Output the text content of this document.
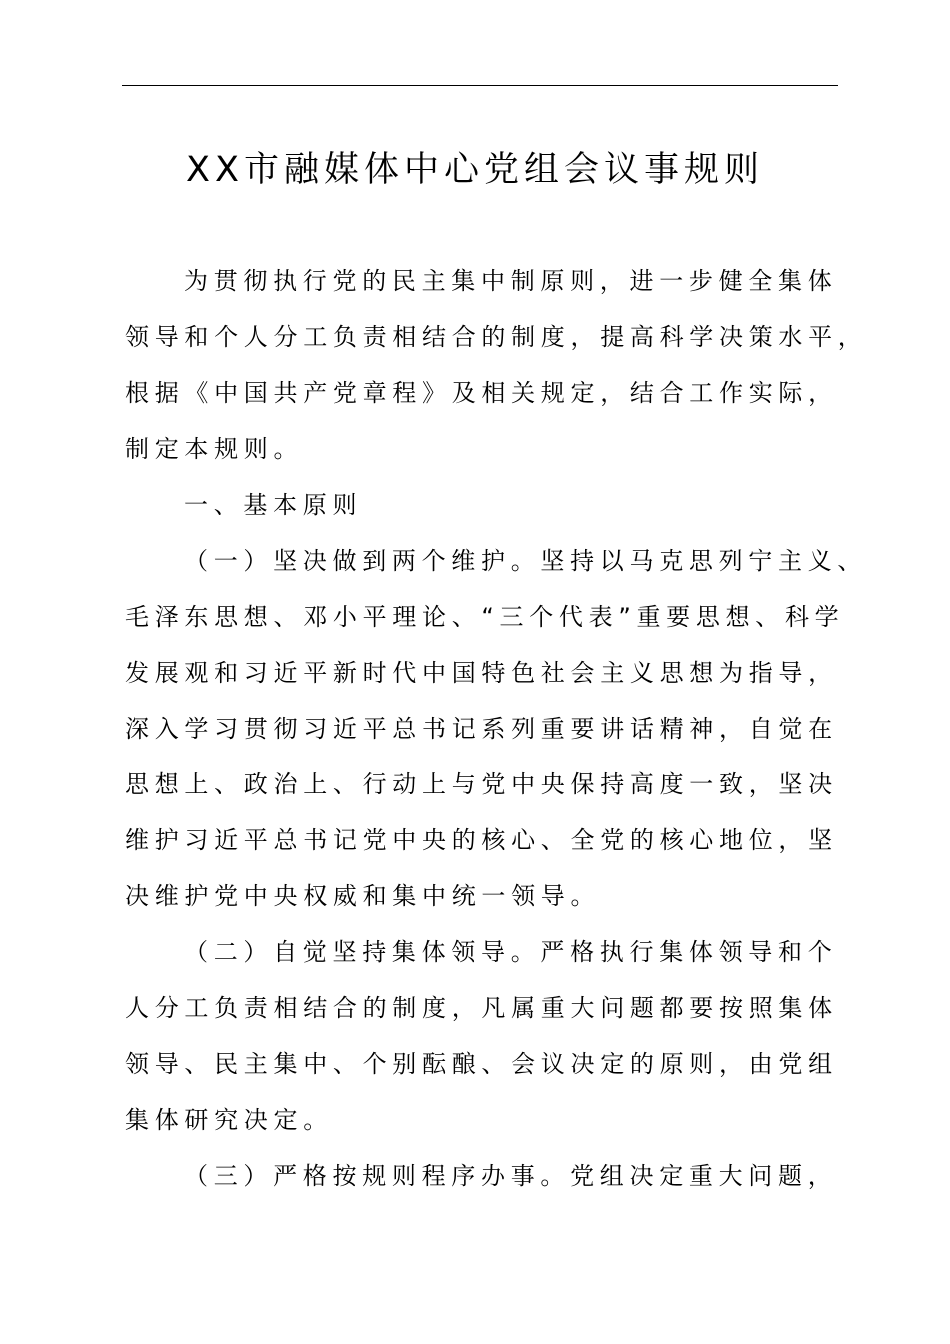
XX市融媒体中心党组会议事规则

为贯彻执行党的民主集中制原则，进一步健全集体

领导和个人分工负责相结合的制度，提高科学决策水平，

根据《中国共产党章程》及相关规定，结合工作实际，

制定本规则。

一、基本原则

（一）坚决做到两个维护。坚持以马克思列宁主义、

毛泽东思想、邓小平理论、“三个代表”重要思想、科学

发展观和习近平新时代中国特色社会主义思想为指导，

深入学习贯彻习近平总书记系列重要讲话精神，自觉在

思想上、政治上、行动上与党中央保持高度一致，坚决

维护习近平总书记党中央的核心、全党的核心地位，坚

决维护党中央权威和集中统一领导。

（二）自觉坚持集体领导。严格执行集体领导和个

人分工负责相结合的制度，凡属重大问题都要按照集体

领导、民主集中、个别酝酿、会议决定的原则，由党组

集体研究决定。

（三）严格按规则程序办事。党组决定重大问题，
